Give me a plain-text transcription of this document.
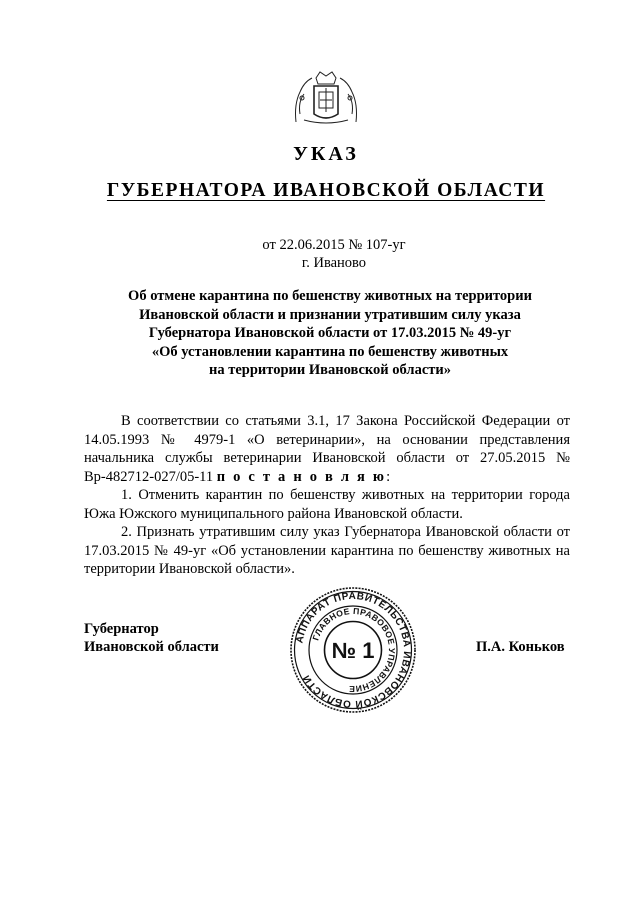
УКАЗ
ГУБЕРНАТОРА ИВАНОВСКОЙ ОБЛАСТИ
от 22.06.2015 № 107-уг
г. Иваново
Об отмене карантина по бешенству животных на территории
Ивановской области и признании утратившим силу указа
Губернатора Ивановской области от 17.03.2015 № 49-уг
«Об установлении карантина по бешенству животных
на территории Ивановской области»

В соответствии со статьями 3.1, 17 Закона Российской Федерации от 14.05.1993 № 4979-1 «О ветеринарии», на основании представления начальника службы ветеринарии Ивановской области от 27.05.2015 № Вр-482712-027/05-11 п о с т а н о в л я ю:

1. Отменить карантин по бешенству животных на территории города Южа Южского муниципального района Ивановской области.

2. Признать утратившим силу указ Губернатора Ивановской области от 17.03.2015 № 49-уг «Об установлении карантина по бешенству животных на территории Ивановской области».

Губернатор
Ивановской области	П.А. Коньков
АППАРАТ ПРАВИТЕЛЬСТВА ИВАНОВСКОЙ ОБЛАСТИ
ГЛАВНОЕ ПРАВОВОЕ УПРАВЛЕНИЕ
№ 1
